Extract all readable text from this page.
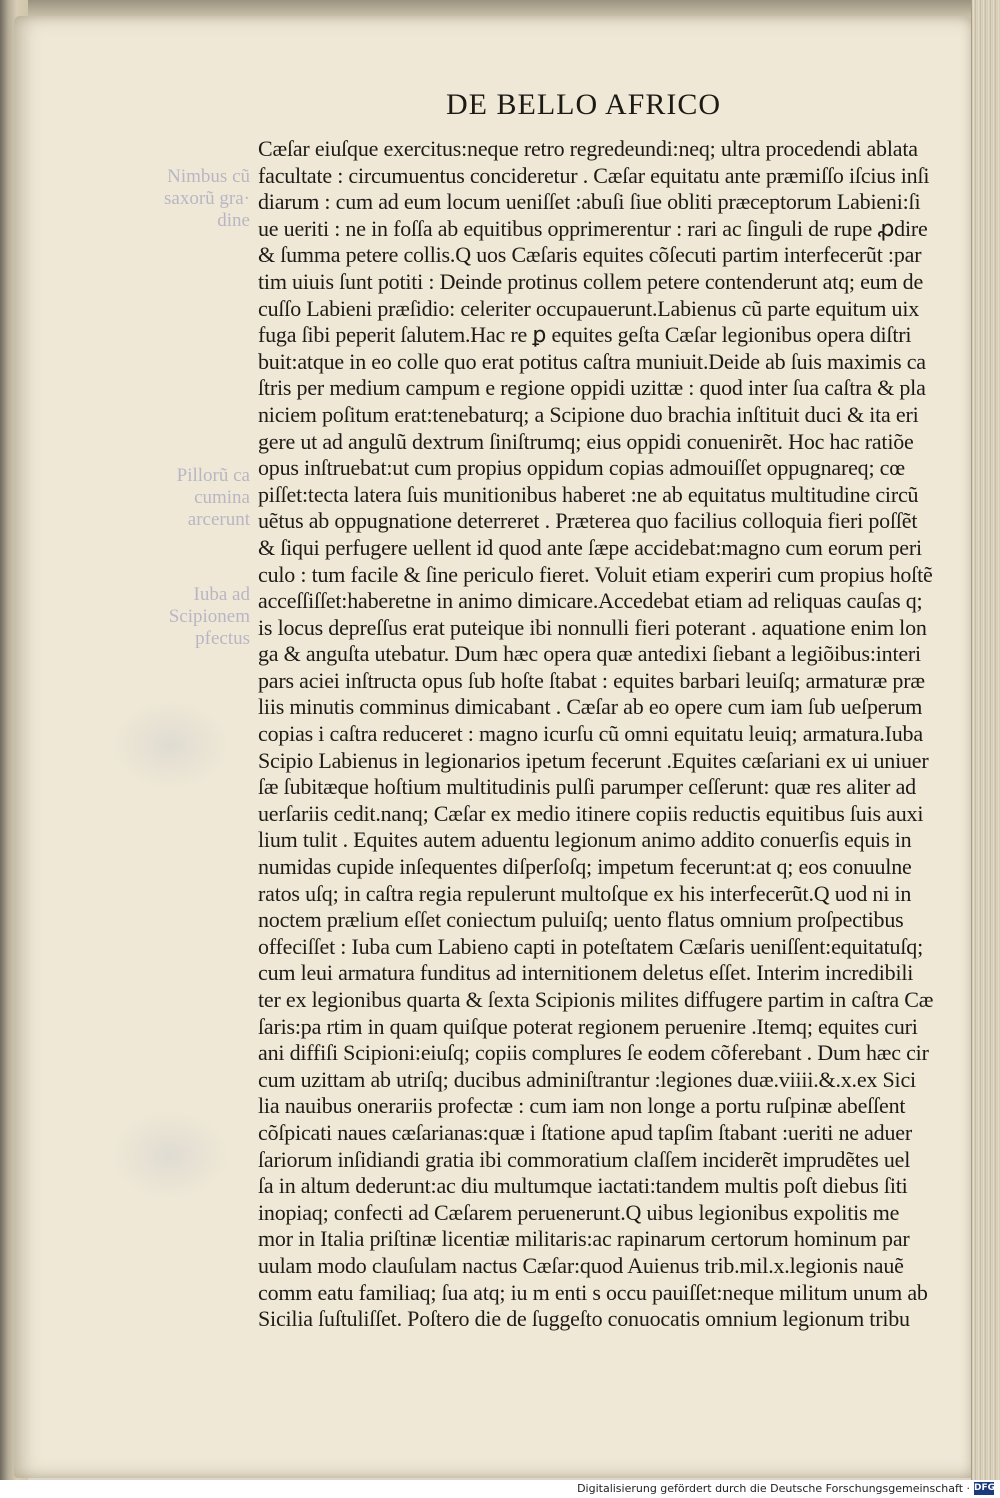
DE BELLO AFRICO
Nimbus cũ
saxorũ gra·
dine
Pillorũ ca
cumina
arcerunt
Iuba ad
Scipionem
pfectus
Cæſar eiuſque exercitus:neque retro regredeundi:neq; ultra procedendi ablata
facultate : circumuentus concideretur . Cæſar equitatu ante præmiſſo iſcius inſi
diarum : cum ad eum locum ueniſſet :abuſi ſiue obliti præceptorum Labieni:ſi
ue ueriti : ne in foſſa ab equitibus opprimerentur : rari ac ſinguli de rupe ꝓdire
& ſumma petere collis.Q uos Cæſaris equites cõſecuti partim interfecerũt :par
tim uiuis ſunt potiti : Deinde protinus collem petere contenderunt atq; eum de
cuſſo Labieni præſidio: celeriter occupauerunt.Labienus cũ parte equitum uix
fuga ſibi peperit ſalutem.Hac re ꝑ equites geſta Cæſar legionibus opera diſtri
buit:atque in eo colle quo erat potitus caſtra muniuit.Deide ab ſuis maximis ca
ſtris per medium campum e regione oppidi uzittæ : quod inter ſua caſtra & pla
niciem poſitum erat:tenebaturq; a Scipione duo brachia inſtituit duci & ita eri
gere ut ad angulũ dextrum ſiniſtrumq; eius oppidi conuenirẽt. Hoc hac ratiõe
opus inſtruebat:ut cum propius oppidum copias admouiſſet oppugnareq; cœ
piſſet:tecta latera ſuis munitionibus haberet :ne ab equitatus multitudine circũ
uẽtus ab oppugnatione deterreret . Præterea quo facilius colloquia fieri poſſẽt
& ſiqui perfugere uellent id quod ante ſæpe accidebat:magno cum eorum peri
culo : tum facile & ſine periculo fieret. Voluit etiam experiri cum propius hoſtẽ
acceſſiſſet:haberetne in animo dimicare.Accedebat etiam ad reliquas cauſas q;
is locus depreſſus erat puteique ibi nonnulli fieri poterant . aquatione enim lon
ga & anguſta utebatur. Dum hæc opera quæ antedixi ſiebant a legiõibus:interi
pars aciei inſtructa opus ſub hoſte ſtabat : equites barbari leuiſq; armaturæ præ
liis minutis comminus dimicabant . Cæſar ab eo opere cum iam ſub ueſperum
copias i caſtra reduceret : magno icurſu cũ omni equitatu leuiq; armatura.Iuba
Scipio Labienus in legionarios ipetum fecerunt .Equites cæſariani ex ui uniuer
ſæ ſubitæque hoſtium multitudinis pulſi parumper ceſſerunt: quæ res aliter ad
uerſariis cedit.nanq; Cæſar ex medio itinere copiis reductis equitibus ſuis auxi
lium tulit . Equites autem aduentu legionum animo addito conuerſis equis in
numidas cupide inſequentes diſperſoſq; impetum fecerunt:at q; eos conuulne
ratos uſq; in caſtra regia repulerunt multoſque ex his interfecerũt.Q uod ni in
noctem prælium eſſet coniectum puluiſq; uento flatus omnium proſpectibus
offeciſſet : Iuba cum Labieno capti in poteſtatem Cæſaris ueniſſent:equitatuſq;
cum leui armatura funditus ad internitionem deletus eſſet. Interim incredibili
ter ex legionibus quarta & ſexta Scipionis milites diffugere partim in caſtra Cæ
ſaris:pa rtim in quam quiſque poterat regionem peruenire .Itemq; equites curi
ani diffiſi Scipioni:eiuſq; copiis complures ſe eodem cõferebant . Dum hæc cir
cum uzittam ab utriſq; ducibus adminiſtrantur :legiones duæ.viiii.&.x.ex Sici
lia nauibus onerariis profectæ : cum iam non longe a portu ruſpinæ abeſſent
cõſpicati naues cæſarianas:quæ i ſtatione apud tapſim ſtabant :ueriti ne aduer
ſariorum inſidiandi gratia ibi commoratium claſſem inciderẽt imprudẽtes uel
ſa in altum dederunt:ac diu multumque iactati:tandem multis poſt diebus ſiti
inopiaq; confecti ad Cæſarem peruenerunt.Q uibus legionibus expolitis me
mor in Italia priſtinæ licentiæ militaris:ac rapinarum certorum hominum par
uulam modo clauſulam nactus Cæſar:quod Auienus trib.mil.x.legionis nauẽ
comm eatu familiaq; ſua atq; iu m enti s occu pauiſſet:neque militum unum ab
Sicilia ſuſtuliſſet. Poſtero die de ſuggeſto conuocatis omnium legionum tribu
Digitalisierung gefördert durch die Deutsche Forschungsgemeinschaft · DFG
